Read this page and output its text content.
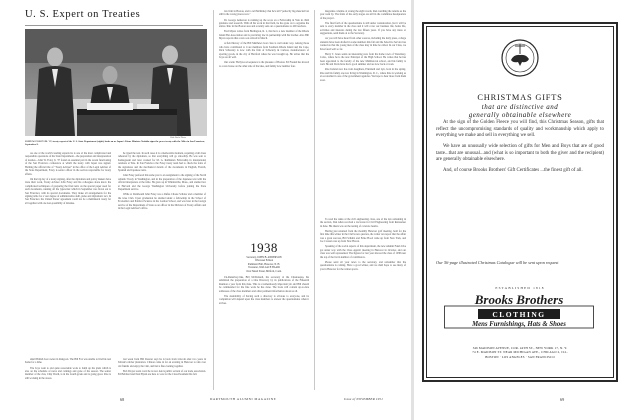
U. S. Expert on Treaties
Wide World Photo

JOHN W. FOLEY JR. '37, treaty expert of the U. S. State Department (right), looks on as Japan's Prime Minister Yoshida signs the peace treaty with the Allies in San Francisco, September 8.

As one of the world's leading experts he is one of the most complicated and responsible operations of the State Department—the preparation and interpretation of treaties—John W. Foley Jr. '37 found an essential part in the recent functioning of the San Francisco conference at which the treaty with Japan was signed. Holding the official title of "Treaty Adviser" in the office of the Legal Adviser of the State Department, Foley is senior officer in the section responsible for treaty affairs.

On the big day of a treaty signing, after the diplomats and policy makers have done their work, Treaty Adviser John Foley and his colleagues alone know the complicated techniques of preparing the final texts on the special paper used for such documents, running off the typewriter which in September was flown out to San Francisco with its special documents. They make all arrangements for the signing table for a vast degree of administrative skill, pulse and diplomatic tact. In San Francisco the United States' agreement could not be a multilateral treaty for all together with one non-possibility of mistake.

small British boat owner in Rangoon. The Bill Fox was unable to find his real home for a time.

The boys went to and quite reasonable work to build up the plant which is also on the schedule of news and comings and gone of the season. The senior member of the clan, Chip Worth, is in the fourth grade and is going great. Pete is still working in the stores.

he typed the text. In such cases it is a memorable moment, requiring a full dress rehearsal by the diplomats, so that everything will go smoothly. He was sent to Kamagasaki and later worked for M. G. Ruthinnan Fellowship in international relations at Yale. In San Francisco the Foley treaty team had to check the fonts of the signatures and the mechanical details of the documents in English, French, Spanish and Japanese texts.

John Foley prefaced this same year to an assignment to the signing of the North Atlantic Treaty in Washington, and in the preparation of the Japanese text with the official interpreters at the table. He grew up in Whitinsville, Mass., and studied law at Harvard and the George Washington University before joining the State Department service.

While at Dartmouth John Foley was a Rufus Choate Scholar and a member of the Glee Club. Upon graduation he studied under a fellowship in the School of Economics and Political Science in the London School, and was later in the foreign service of the Department of State as an officer in the Division of Treaty Affairs and in the Legal Adviser's office.

last week from Bill Rosster says he is back from Lincoln after two years in Tehran's rubber plantation. Clinton came in for an evening in Hanover to talk over old friends and enjoy the visit, and had a fine evening together.

Bob Dwyer reads word he is now Asia's public servant of our trade association. Ed Hebbard and Neal Byam are here to vote for the Class President this fall.

law firm in Boston, and to tell McKinley that he's still "perfectly big-muscled but still in the wrong places now."

Dr. George Anderson is running up the score on a Fellowship in Yale in child guidance and research. With all his work in that field, he has gone on to organize the entire clinic in the Boston area and recently sent out a questionnaire to 400 teachers.

Fred Myers writes from Burlington, R. I., that he is a new member of the Rhode Island Bar Association and is practicing law in partnership with his brother. Also Bill Myers reports that a new son arrived in March.

A field history of the Bill Matthews boat class is well under way. Among those who have contributed to it are members from Southern Rhode Island and the Cape. Dick Schwanty is now with the firm of Schwanty & Carlson, manufacturers of sporting goods, in the city of Hartford where he was brought up. He writes that the boys are all well.

Our scenic Hollywood sequence is the pleasure of Boston. Ed Freund has moved to a new house on the other side of the lake, and family now number four.

1938
Secretary, JOHN B. ANDERSON
Wiscasset Edison
Parkhurst Hall, Hanover, N. H.
Treasurer, WALLACE BLAIR
Over Mead Street, Milford, Conn.

Un-Ruderlary-like, Bill McDonnell, the secretary of the Chautauqua, his submitted the preparation of a One Directory by its publications of the Fifteenth Reunion a year from this June. This is a tremendously important job and Bill should be commended for the fine work he has done. The book will contain up-to-date addresses of the class members and other pertinent information about us all.

The desirability of having such a directory is obvious to everyone, and its completion will depend upon the class members to answer the questionnaire when it arrives.

magazine columns of swung the eight words, then watching the returns as the year went by. The fruits of the early stages are still in the committee headquarters of the project.

The final form of the questionnaire is still under consideration, but it will be sent to every member in the class and it will cover our business life, home life, activities and interests during the last fifteen years. If you have any ideas or suggestions, send them on to the Secretary.

As you will have heard from other sources, including the daily press, college students have been drafted in some numbers this fall and the Selective Service has warned us that the young men of the class may in time be called. In our Class, we have fared well so far.

Harry T. Jones sends an interesting note from his home town of Waterbury, Conn., where he is the new Principal of the High School. He writes that he has been appointed to the faculty of the new Middletown school, and his family is well. He and Doris have had a good summer and are now back at work.

Pete Ireland now has twin daughters, Elizabeth and Lyn, born in the spring. Pete and his family are now living in Washington, D. C., where Pete is working as an economist in one of the government agencies. We hope to hear more from them soon.

To read the ranks of the civil engineering class, one of the few remaining in the section, Dan Allen received a doctorate in Civil Engineering from Rensselaer in June. His thesis was on the testing of concrete beams.

Having just returned from the monthly Hanover golf meeting, held for the first time this winter in the Club's new quarters, the writer can report that the affair was a great success. Bill Schultz and Ernie Hood came up from New York, and Joe Crossan was up from New Haven.

Speaking of the social aspects of this department, the new Alumni Fund drive got under way with the Class Agents' meeting in Hanover in October, and our class was well represented. The figures for last year showed the class of 1938 near the top of the list in number of contributors.

Please send all your news to the secretary, and remember that the questionnaire is coming. Have a good winter, and we shall hope to see many of you in Hanover for the winter sports.

68	DARTMOUTH ALUMNI MAGAZINE	Issue of NOVEMBER 1951
CHRISTMAS GIFTS
that are distinctive and
generally obtainable elsewhere

At the sign of the Golden Fleece you will find, this Christmas Season, gifts that reflect the uncompromising standards of quality and workmanship which apply to everything we make and sell in everything we sell.

We have an unusually wide selection of gifts for Men and Boys that are of good taste...that are unusual...and (what is so important to both the giver and the recipient) are generally obtainable elsewhere.

And, of course Brooks Brothers' Gift Certificates ...the finest gift of all.

Our 56-page illustrated Christmas Catalogue will be sent upon request
ESTABLISHED 1818
Brooks Brothers
CLOTHING
Mens Furnishings, Hats & Shoes
346 MADISON AVENUE, COR. 44TH ST., NEW YORK 17, N. Y.
74 E. MADISON ST. NEAR MICHIGAN AVE., CHICAGO 2, ILL.
BOSTON · LOS ANGELES · SAN FRANCISCO
69
